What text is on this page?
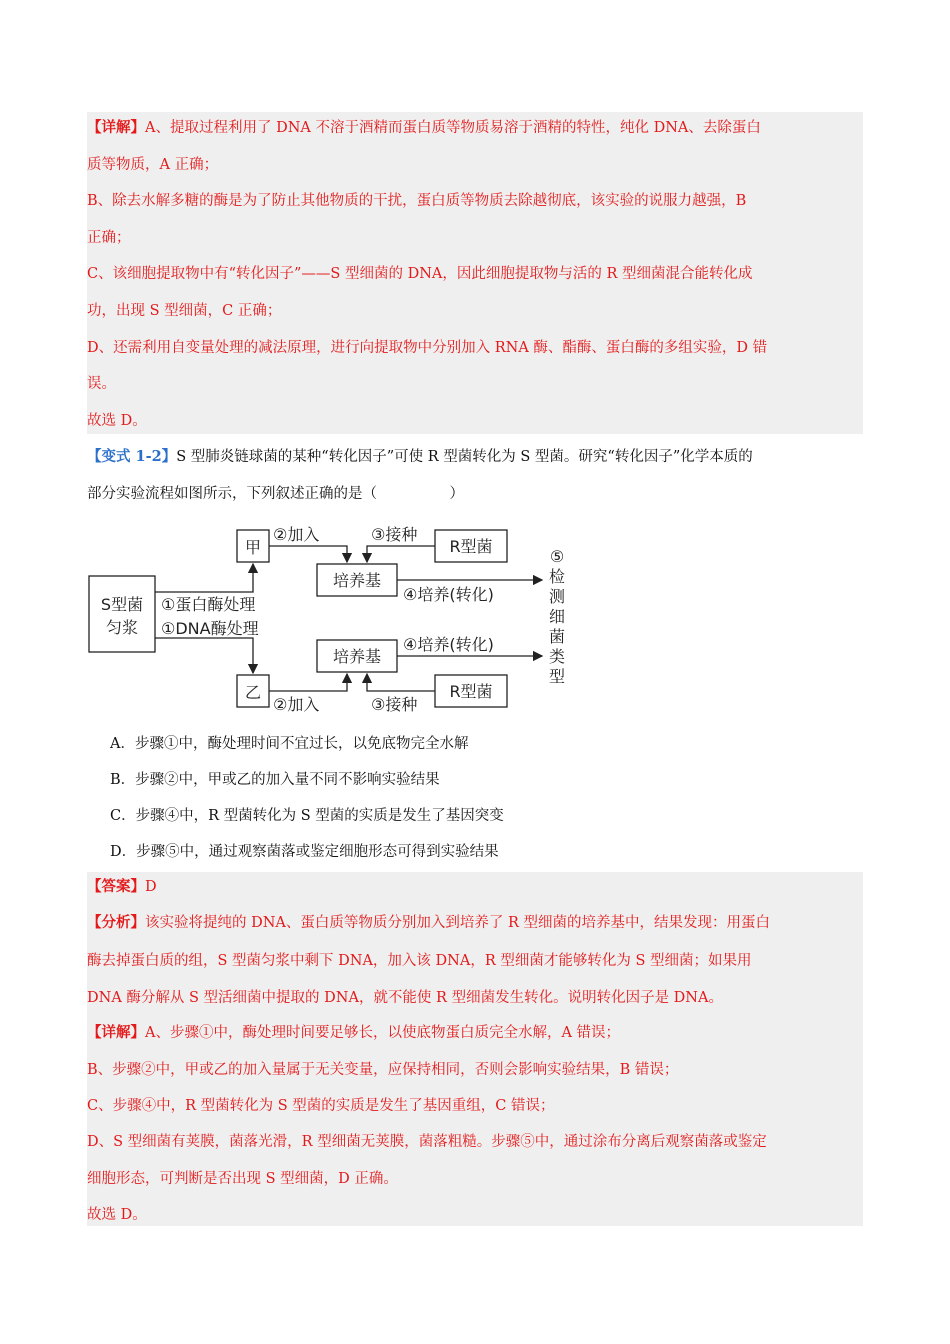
【详解】A、提取过程利用了 DNA 不溶于酒精而蛋白质等物质易溶于酒精的特性，纯化 DNA、去除蛋白
质等物质，A 正确；
B、除去水解多糖的酶是为了防止其他物质的干扰，蛋白质等物质去除越彻底，该实验的说服力越强，B
正确；
C、该细胞提取物中有“转化因子”——S 型细菌的 DNA，因此细胞提取物与活的 R 型细菌混合能转化成
功，出现 S 型细菌，C 正确；
D、还需利用自变量处理的减法原理，进行向提取物中分别加入 RNA 酶、酯酶、蛋白酶的多组实验，D 错
误。
故选 D。
【变式 1-2】S 型肺炎链球菌的某种“转化因子”可使 R 型菌转化为 S 型菌。研究“转化因子”化学本质的
部分实验流程如图所示，下列叙述正确的是（　　　　　）
S型菌
匀浆
甲
乙
①蛋白酶处理
①DNA酶处理
②加入
②加入
③接种
③接种
培养基
培养基
R型菌
R型菌
④培养(转化)
④培养(转化)
⑤
检
测
细
菌
类
型
A．步骤①中，酶处理时间不宜过长，以免底物完全水解
B．步骤②中，甲或乙的加入量不同不影响实验结果
C．步骤④中，R 型菌转化为 S 型菌的实质是发生了基因突变
D．步骤⑤中，通过观察菌落或鉴定细胞形态可得到实验结果
【答案】D
【分析】该实验将提纯的 DNA、蛋白质等物质分别加入到培养了 R 型细菌的培养基中，结果发现：用蛋白
酶去掉蛋白质的组，S 型菌匀浆中剩下 DNA，加入该 DNA，R 型细菌才能够转化为 S 型细菌；如果用
DNA 酶分解从 S 型活细菌中提取的 DNA，就不能使 R 型细菌发生转化。说明转化因子是 DNA。
【详解】A、步骤①中，酶处理时间要足够长，以使底物蛋白质完全水解，A 错误；
B、步骤②中，甲或乙的加入量属于无关变量，应保持相同，否则会影响实验结果，B 错误；
C、步骤④中，R 型菌转化为 S 型菌的实质是发生了基因重组，C 错误；
D、S 型细菌有荚膜，菌落光滑，R 型细菌无荚膜，菌落粗糙。步骤⑤中，通过涂布分离后观察菌落或鉴定
细胞形态，可判断是否出现 S 型细菌，D 正确。
故选 D。
